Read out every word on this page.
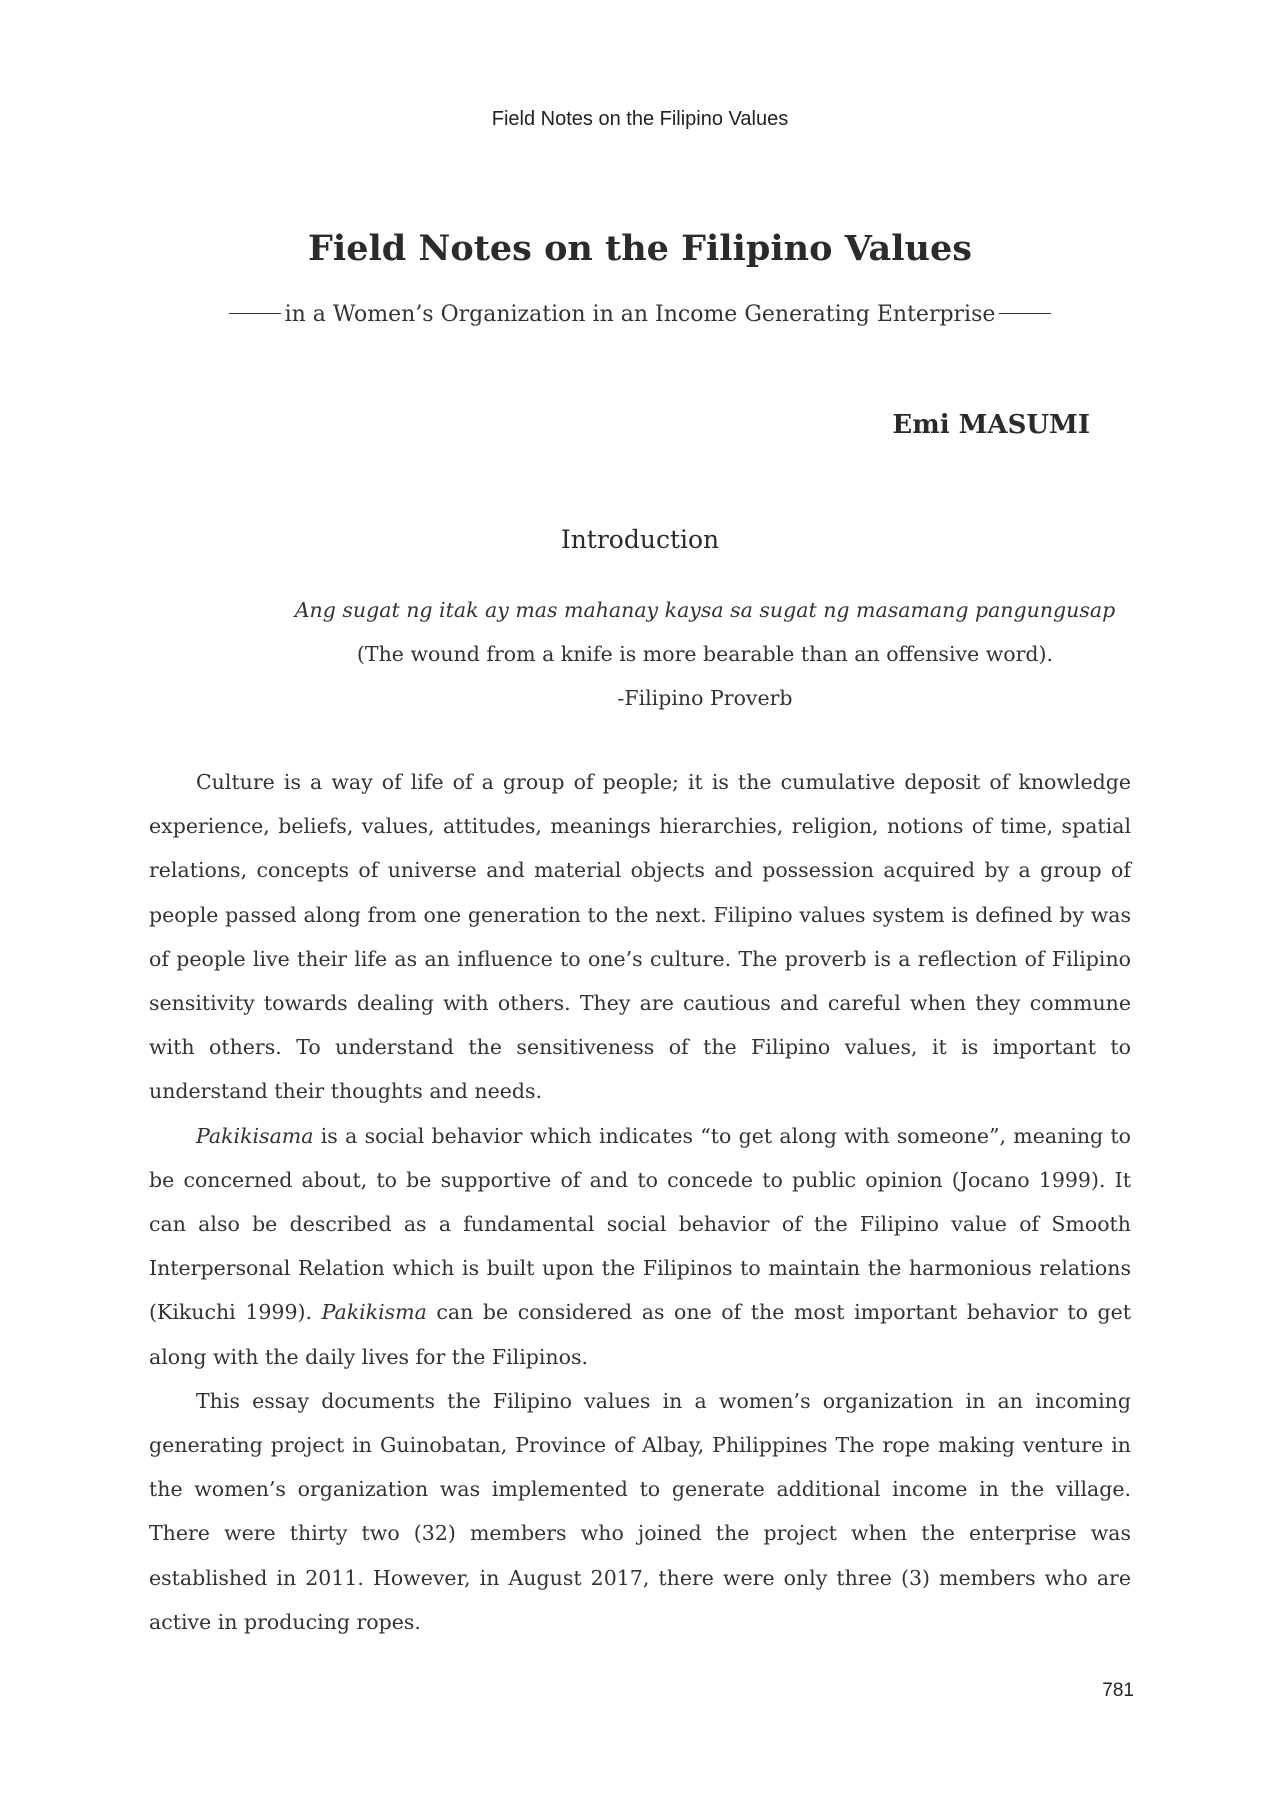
Field Notes on the Filipino Values
Field Notes on the Filipino Values
in a Women’s Organization in an Income Generating Enterprise
Emi MASUMI
Introduction
Ang sugat ng itak ay mas mahanay kaysa sa sugat ng masamang pangungusap
(The wound from a knife is more bearable than an offensive word).
-Filipino Proverb

Culture is a way of life of a group of people; it is the cumulative deposit of knowledge experience, beliefs, values, attitudes, meanings hierarchies, religion, notions of time, spatial relations, concepts of universe and material objects and possession acquired by a group of people passed along from one generation to the next. Filipino values system is defined by was of people live their life as an influence to one’s culture. The proverb is a reflection of Filipino sensitivity towards dealing with others. They are cautious and careful when they commune with others. To understand the sensitiveness of the Filipino values, it is important to understand their thoughts and needs.

Pakikisama is a social behavior which indicates “to get along with someone”, meaning to be concerned about, to be supportive of and to concede to public opinion (Jocano 1999). It can also be described as a fundamental social behavior of the Filipino value of Smooth Interpersonal Relation which is built upon the Filipinos to maintain the harmonious relations (Kikuchi 1999). Pakikisma can be considered as one of the most important behavior to get along with the daily lives for the Filipinos.

This essay documents the Filipino values in a women’s organization in an incoming generating project in Guinobatan, Province of Albay, Philippines The rope making venture in the women’s organization was implemented to generate additional income in the village. There were thirty two (32) members who joined the project when the enterprise was established in 2011. However, in August 2017, there were only three (3) members who are active in producing ropes.

781
